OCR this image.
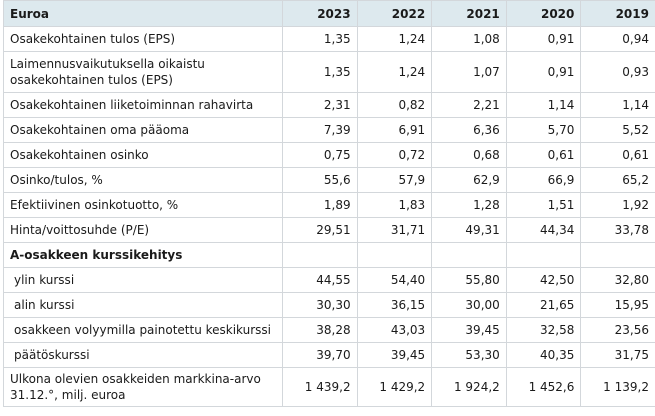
Euroa	2023	2022	2021	2020	2019
Osakekohtainen tulos (EPS)	1,35	1,24	1,08	0,91	0,94
Laimennusvaikutuksella oikaistu osakekohtainen tulos (EPS)	1,35	1,24	1,07	0,91	0,93
Osakekohtainen liiketoiminnan rahavirta	2,31	0,82	2,21	1,14	1,14
Osakekohtainen oma pääoma	7,39	6,91	6,36	5,70	5,52
Osakekohtainen osinko	0,75	0,72	0,68	0,61	0,61
Osinko/tulos, %	55,6	57,9	62,9	66,9	65,2
Efektiivinen osinkotuotto, %	1,89	1,83	1,28	1,51	1,92
Hinta/voittosuhde (P/E)	29,51	31,71	49,31	44,34	33,78
A-osakkeen kurssikehitys					
ylin kurssi	44,55	54,40	55,80	42,50	32,80
alin kurssi	30,30	36,15	30,00	21,65	15,95
osakkeen volyymilla painotettu keskikurssi	38,28	43,03	39,45	32,58	23,56
päätöskurssi	39,70	39,45	53,30	40,35	31,75
Ulkona olevien osakkeiden markkina-arvo 31.12.°, milj. euroa	1 439,2	1 429,2	1 924,2	1 452,6	1 139,2
